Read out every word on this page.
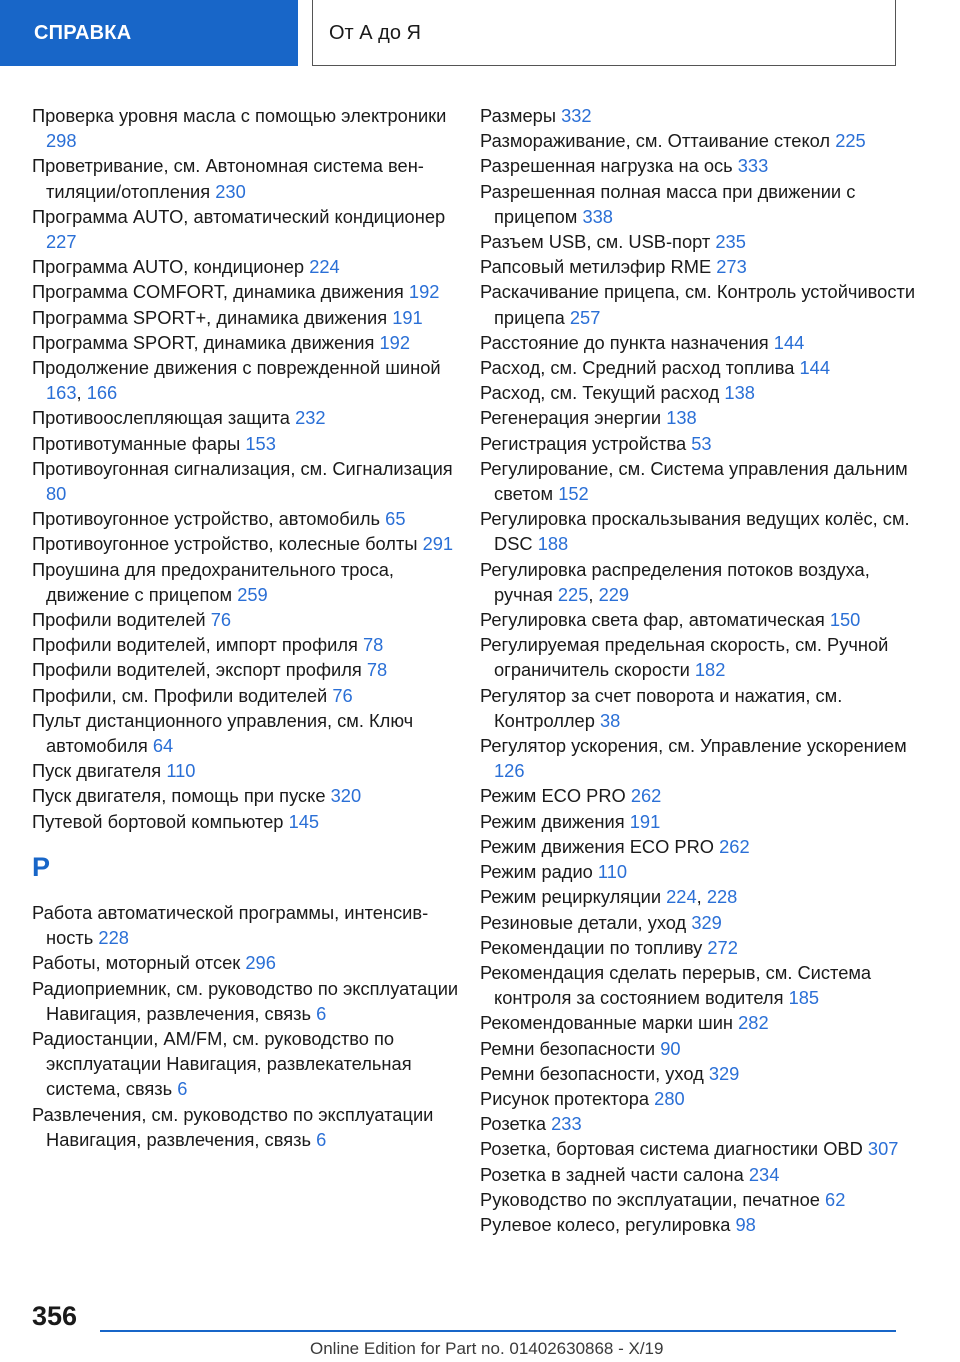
СПРАВКА	От А до Я
Проверка уровня масла с помощью электроники 298
Проветривание, см. Автономная система вентиляции/отопления 230
Программа AUTO, автоматический кондиционер 227
Программа AUTO, кондиционер 224
Программа COMFORT, динамика движения 192
Программа SPORT+, динамика движения 191
Программа SPORT, динамика движения 192
Продолжение движения с поврежденной шиной 163, 166
Противоослепляющая защита 232
Противотуманные фары 153
Противоугонная сигнализация, см. Сигнализация 80
Противоугонное устройство, автомобиль 65
Противоугонное устройство, колесные болты 291
Проушина для предохранительного троса, движение с прицепом 259
Профили водителей 76
Профили водителей, импорт профиля 78
Профили водителей, экспорт профиля 78
Профили, см. Профили водителей 76
Пульт дистанционного управления, см. Ключ автомобиля 64
Пуск двигателя 110
Пуск двигателя, помощь при пуске 320
Путевой бортовой компьютер 145
Р
Работа автоматической программы, интенсивность 228
Работы, моторный отсек 296
Радиоприемник, см. руководство по эксплуатации Навигация, развлечения, связь 6
Радиостанции, AM/FM, см. руководство по эксплуатации Навигация, развлекательная система, связь 6
Развлечения, см. руководство по эксплуатации Навигация, развлечения, связь 6
Размеры 332
Размораживание, см. Оттаивание стекол 225
Разрешенная нагрузка на ось 333
Разрешенная полная масса при движении с прицепом 338
Разъем USB, см. USB-порт 235
Рапсовый метилэфир RME 273
Раскачивание прицепа, см. Контроль устойчивости прицепа 257
Расстояние до пункта назначения 144
Расход, см. Средний расход топлива 144
Расход, см. Текущий расход 138
Регенерация энергии 138
Регистрация устройства 53
Регулирование, см. Система управления дальним светом 152
Регулировка проскальзывания ведущих колёс, см. DSC 188
Регулировка распределения потоков воздуха, ручная 225, 229
Регулировка света фар, автоматическая 150
Регулируемая предельная скорость, см. Ручной ограничитель скорости 182
Регулятор за счет поворота и нажатия, см. Контроллер 38
Регулятор ускорения, см. Управление ускорением 126
Режим ECO PRO 262
Режим движения 191
Режим движения ECO PRO 262
Режим радио 110
Режим рециркуляции 224, 228
Резиновые детали, уход 329
Рекомендации по топливу 272
Рекомендация сделать перерыв, см. Система контроля за состоянием водителя 185
Рекомендованные марки шин 282
Ремни безопасности 90
Ремни безопасности, уход 329
Рисунок протектора 280
Розетка 233
Розетка, бортовая система диагностики OBD 307
Розетка в задней части салона 234
Руководство по эксплуатации, печатное 62
Рулевое колесо, регулировка 98
356
Online Edition for Part no. 01402630868 - X/19
